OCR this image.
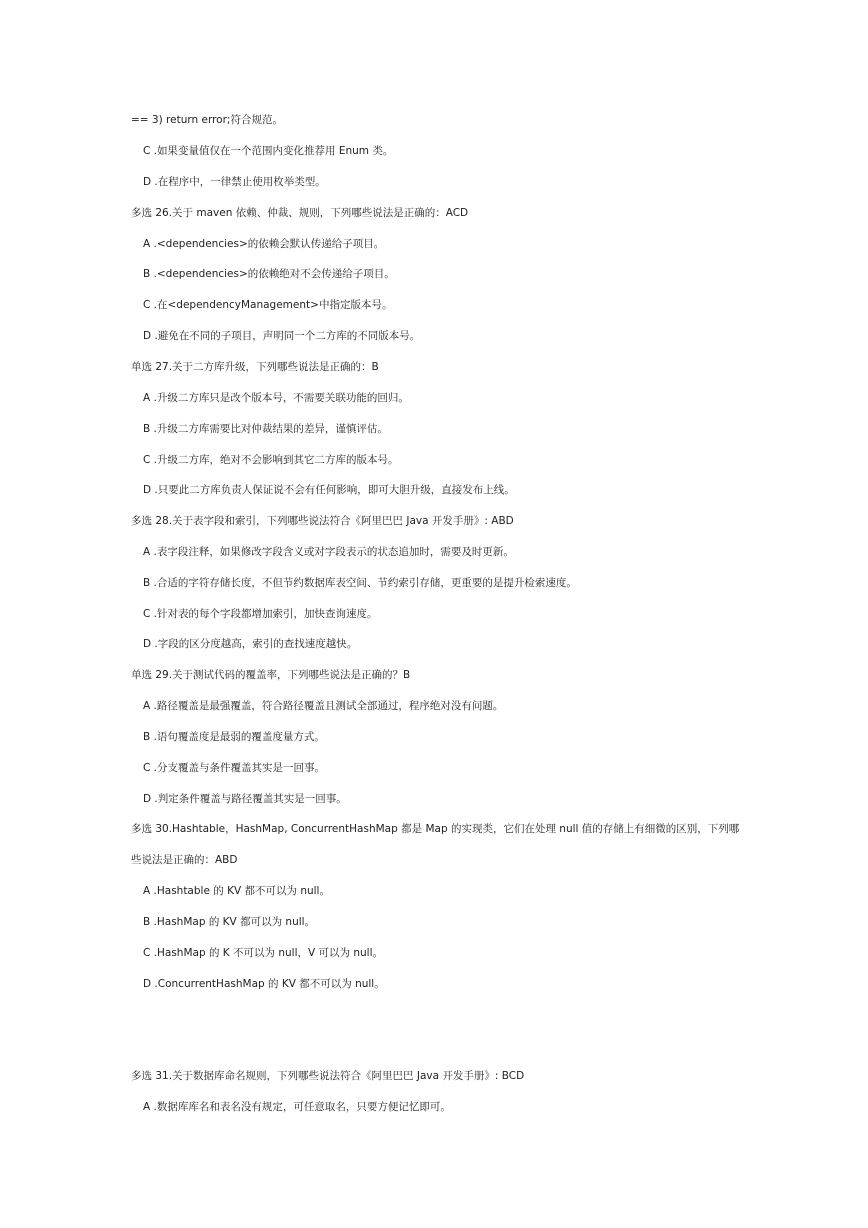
== 3) return error;符合规范。
C .如果变量值仅在一个范围内变化推荐用 Enum 类。
D .在程序中，一律禁止使用枚举类型。
多选 26.关于 maven 依赖、仲裁、规则，下列哪些说法是正确的：ACD
A .<dependencies>的依赖会默认传递给子项目。
B .<dependencies>的依赖绝对不会传递给子项目。
C .在<dependencyManagement>中指定版本号。
D .避免在不同的子项目，声明同一个二方库的不同版本号。
单选 27.关于二方库升级，下列哪些说法是正确的：B
A .升级二方库只是改个版本号，不需要关联功能的回归。
B .升级二方库需要比对仲裁结果的差异，谨慎评估。
C .升级二方库，绝对不会影响到其它二方库的版本号。
D .只要此二方库负责人保证说不会有任何影响，即可大胆升级，直接发布上线。
多选 28.关于表字段和索引，下列哪些说法符合《阿里巴巴 Java 开发手册》: ABD
A .表字段注释，如果修改字段含义或对字段表示的状态追加时，需要及时更新。
B .合适的字符存储长度，不但节约数据库表空间、节约索引存储，更重要的是提升检索速度。
C .针对表的每个字段都增加索引，加快查询速度。
D .字段的区分度越高，索引的查找速度越快。
单选 29.关于测试代码的覆盖率，下列哪些说法是正确的？B
A .路径覆盖是最强覆盖，符合路径覆盖且测试全部通过，程序绝对没有问题。
B .语句覆盖度是最弱的覆盖度量方式。
C .分支覆盖与条件覆盖其实是一回事。
D .判定条件覆盖与路径覆盖其实是一回事。
多选 30.Hashtable，HashMap, ConcurrentHashMap 都是 Map 的实现类，它们在处理 null 值的存储上有细微的区别，下列哪
些说法是正确的：ABD
A .Hashtable 的 KV 都不可以为 null。
B .HashMap 的 KV 都可以为 null。
C .HashMap 的 K 不可以为 null，V 可以为 null。
D .ConcurrentHashMap 的 KV 都不可以为 null。
多选 31.关于数据库命名规则，下列哪些说法符合《阿里巴巴 Java 开发手册》: BCD
A .数据库库名和表名没有规定，可任意取名，只要方便记忆即可。
